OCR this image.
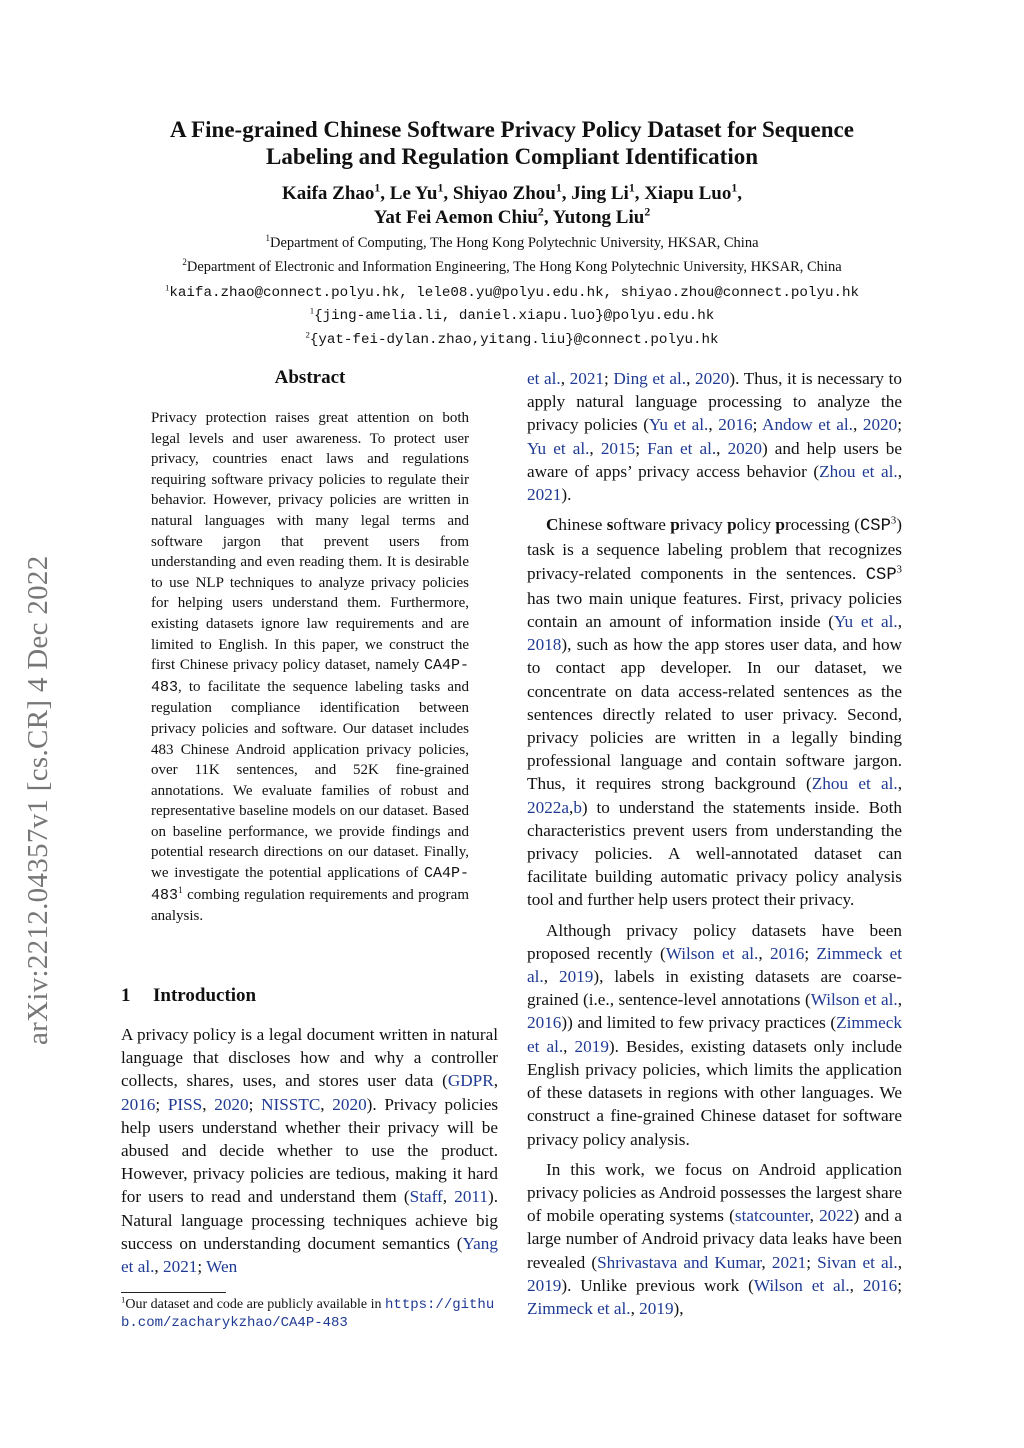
arXiv:2212.04357v1 [cs.CR] 4 Dec 2022
A Fine-grained Chinese Software Privacy Policy Dataset for Sequence
Labeling and Regulation Compliant Identification
Kaifa Zhao$^1$, Le Yu$^1$, Shiyao Zhou$^1$, Jing Li$^1$, Xiapu Luo$^1$,
Yat Fei Aemon Chiu$^2$, Yutong Liu$^2$
$^1$Department of Computing, The Hong Kong Polytechnic University, HKSAR, China
$^2$Department of Electronic and Information Engineering, The Hong Kong Polytechnic University, HKSAR, China
$^1$kaifa.zhao@connect.polyu.hk, lele08.yu@polyu.edu.hk, shiyao.zhou@connect.polyu.hk
$^1${jing-amelia.li, daniel.xiapu.luo}@polyu.edu.hk
$^2${yat-fei-dylan.zhao,yitang.liu}@connect.polyu.hk
Abstract
Privacy protection raises great attention on both legal levels and user awareness. To protect user privacy, countries enact laws and regulations requiring software privacy policies to regulate their behavior. However, privacy policies are written in natural languages with many legal terms and software jargon that prevent users from understanding and even reading them. It is desirable to use NLP techniques to analyze privacy policies for helping users understand them. Furthermore, existing datasets ignore law requirements and are limited to English. In this paper, we construct the first Chinese privacy policy dataset, namely CA4P-483, to facilitate the sequence labeling tasks and regulation compliance identification between privacy policies and software. Our dataset includes 483 Chinese Android application privacy policies, over 11K sentences, and 52K fine-grained annotations. We evaluate families of robust and representative baseline models on our dataset. Based on baseline performance, we provide findings and potential research directions on our dataset. Finally, we investigate the potential applications of $CA4P-483^1$ combing regulation requirements and program analysis.
1 Introduction

A privacy policy is a legal document written in natural language that discloses how and why a controller collects, shares, uses, and stores user data (GDPR, 2016; PISS, 2020; NISSTC, 2020). Privacy policies help users understand whether their privacy will be abused and decide whether to use the product. However, privacy policies are tedious, making it hard for users to read and understand them (Staff, 2011). Natural language processing techniques achieve big success on understanding document semantics (Yang et al., 2021; Wen

$^1$Our dataset and code are publicly available in https://github.com/zacharykzhao/CA4P-483

et al., 2021; Ding et al., 2020). Thus, it is necessary to apply natural language processing to analyze the privacy policies (Yu et al., 2016; Andow et al., 2020; Yu et al., 2015; Fan et al., 2020) and help users be aware of apps’ privacy access behavior (Zhou et al., 2021).

Chinese software privacy policy processing (CSP$^3$) task is a sequence labeling problem that recognizes privacy-related components in the sentences. CSP$^3$ has two main unique features. First, privacy policies contain an amount of information inside (Yu et al., 2018), such as how the app stores user data, and how to contact app developer. In our dataset, we concentrate on data access-related sentences as the sentences directly related to user privacy. Second, privacy policies are written in a legally binding professional language and contain software jargon. Thus, it requires strong background (Zhou et al., 2022a,b) to understand the statements inside. Both characteristics prevent users from understanding the privacy policies. A well-annotated dataset can facilitate building automatic privacy policy analysis tool and further help users protect their privacy.

Although privacy policy datasets have been proposed recently (Wilson et al., 2016; Zimmeck et al., 2019), labels in existing datasets are coarse-grained (i.e., sentence-level annotations (Wilson et al., 2016)) and limited to few privacy practices (Zimmeck et al., 2019). Besides, existing datasets only include English privacy policies, which limits the application of these datasets in regions with other languages. We construct a fine-grained Chinese dataset for software privacy policy analysis.

In this work, we focus on Android application privacy policies as Android possesses the largest share of mobile operating systems (statcounter, 2022) and a large number of Android privacy data leaks have been revealed (Shrivastava and Kumar, 2021; Sivan et al., 2019). Unlike previous work (Wilson et al., 2016; Zimmeck et al., 2019),
